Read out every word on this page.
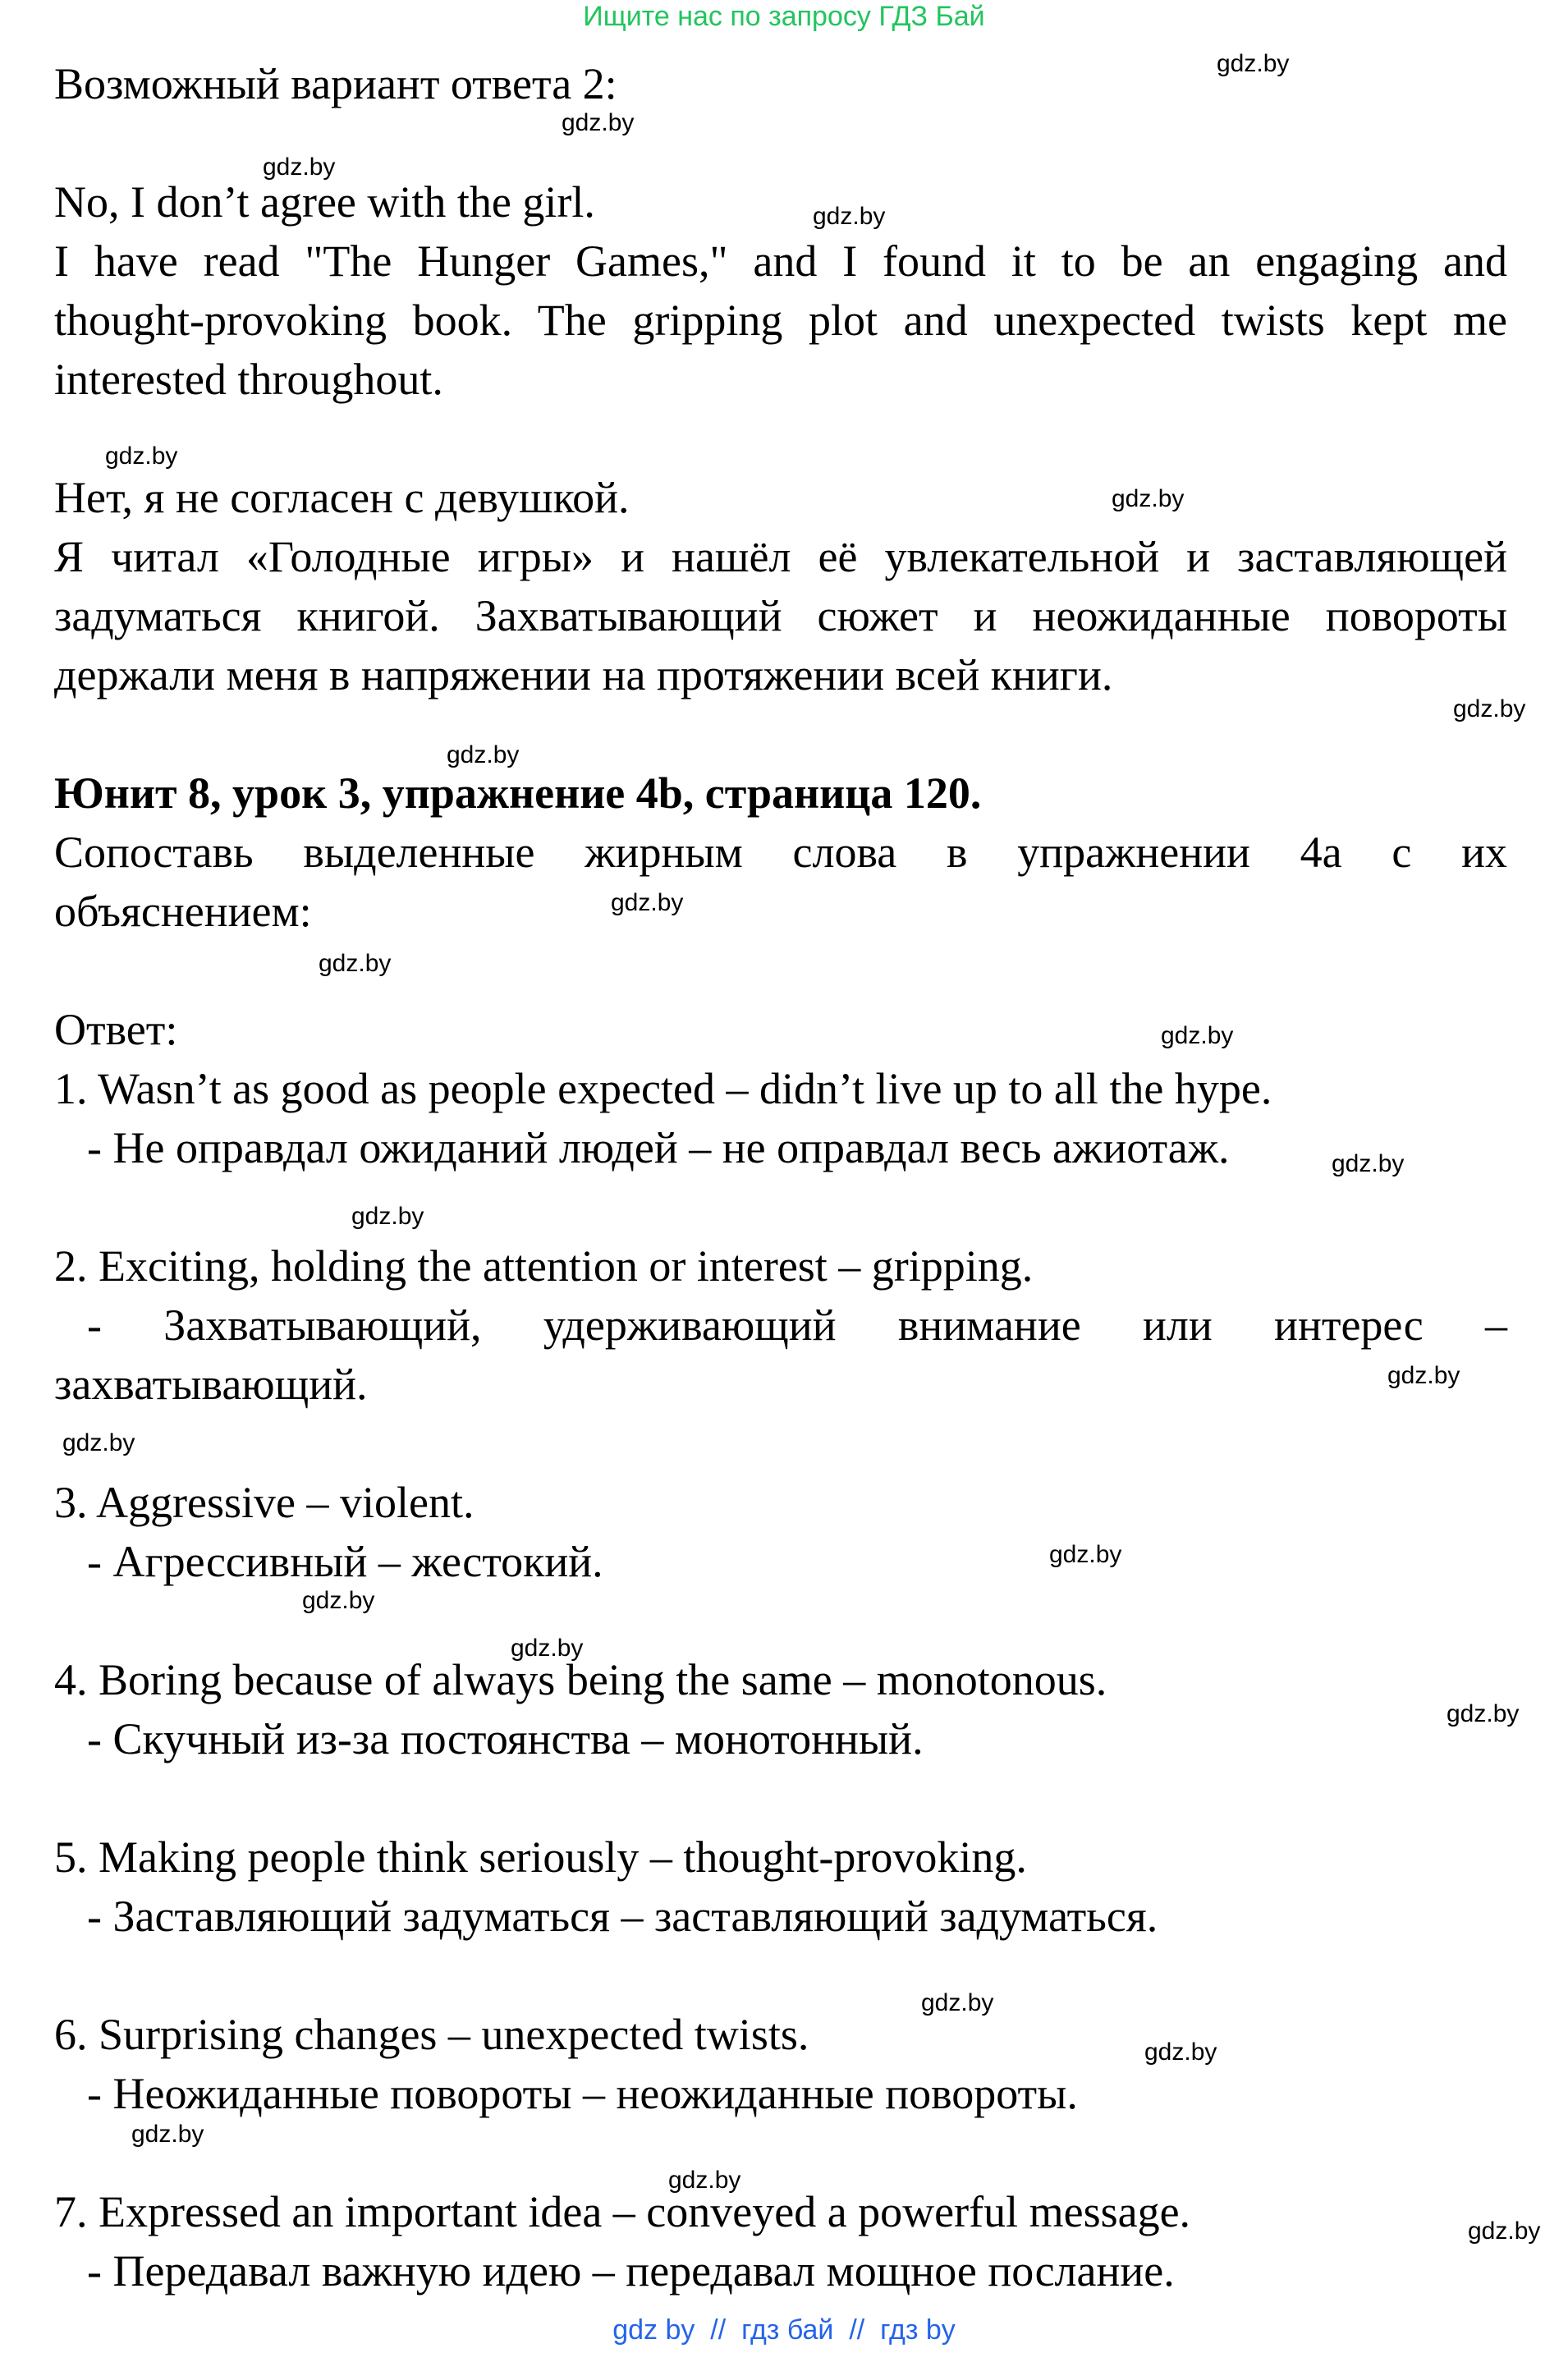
Ищите нас по запросу ГДЗ Бай
Возможный вариант ответа 2:
No, I don’t agree with the girl.
I have read "The Hunger Games," and I found it to be an engaging and
thought-provoking book. The gripping plot and unexpected twists kept me
interested throughout.
Нет, я не согласен с девушкой.
Я читал «Голодные игры» и нашёл её увлекательной и заставляющей
задуматься книгой. Захватывающий сюжет и неожиданные повороты
держали меня в напряжении на протяжении всей книги.
Юнит 8, урок 3, упражнение 4b, страница 120.
Сопоставь выделенные жирным слова в упражнении 4а с их
объяснением:
Ответ:
1. Wasn’t as good as people expected – didn’t live up to all the hype.
- Не оправдал ожиданий людей – не оправдал весь ажиотаж.
2. Exciting, holding the attention or interest – gripping.
- Захватывающий, удерживающий внимание или интерес –
захватывающий.
3. Aggressive – violent.
- Агрессивный – жестокий.
4. Boring because of always being the same – monotonous.
- Скучный из-за постоянства – монотонный.
5. Making people think seriously – thought-provoking.
- Заставляющий задуматься – заставляющий задуматься.
6. Surprising changes – unexpected twists.
- Неожиданные повороты – неожиданные повороты.
7. Expressed an important idea – conveyed a powerful message.
- Передавал важную идею – передавал мощное послание.
gdz.by
gdz.by
gdz.by
gdz.by
gdz.by
gdz.by
gdz.by
gdz.by
gdz.by
gdz.by
gdz.by
gdz.by
gdz.by
gdz.by
gdz.by
gdz.by
gdz.by
gdz.by
gdz.by
gdz.by
gdz.by
gdz.by
gdz.by
gdz.by
gdz by  //  гдз бай  //  гдз by
